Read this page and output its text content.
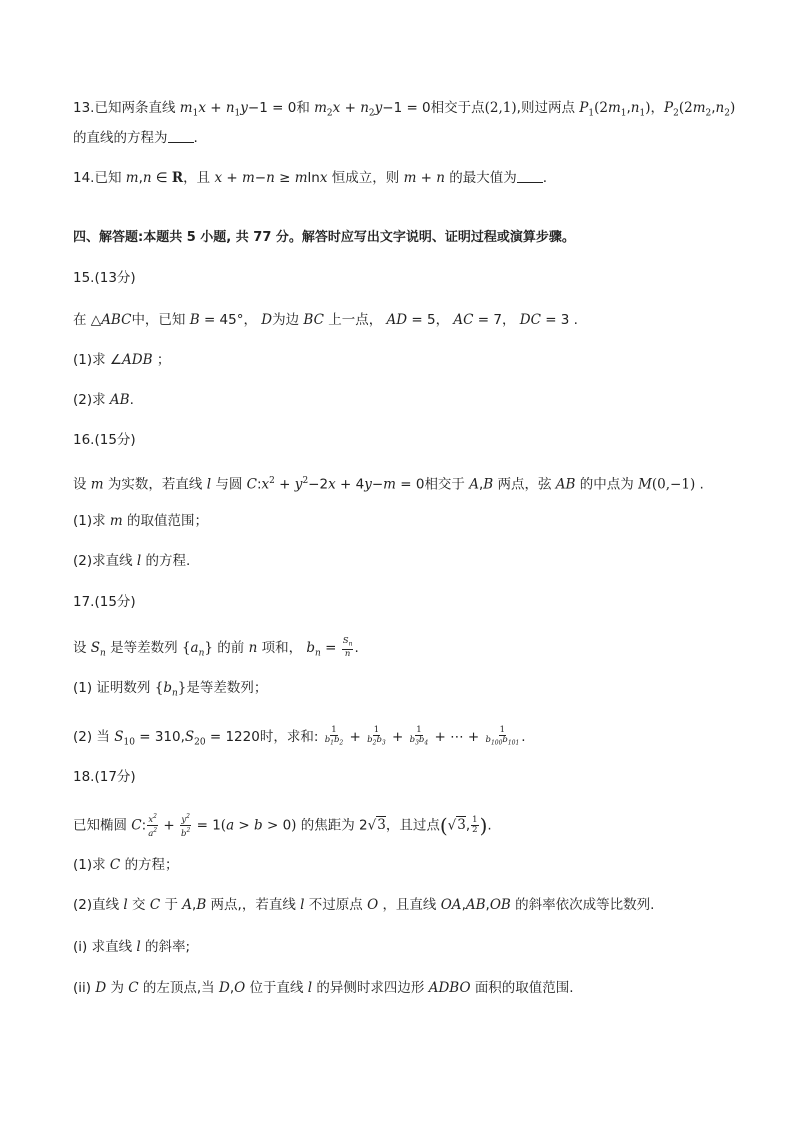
13.已知两条直线 $m_1x + n_1y-1 = 0$和 $m_2x + n_2y-1 = 0$相交于点(2,1),则过两点 $P_1(2m_1,n_1)$，$P_2(2m_2,n_2)$
的直线的方程为 .
14.已知 m,n ∈ R，且 x + m−n ≥ mlnx 恒成立，则 m + n 的最大值为 .
四、解答题:本题共 5 小题, 共 77 分。解答时应写出文字说明、证明过程或演算步骤。
15.(13分)
在 △ABC中，已知 B = 45°， D为边 BC 上一点， AD = 5， AC = 7， DC = 3 .
(1)求 ∠ADB ；
(2)求 AB.
16.(15分)
设 m 为实数，若直线 l 与圆 $C:x^2 + y^2-2x + 4y-m = 0$相交于 A,B 两点，弦 AB 的中点为 M(0,−1) .
(1)求 m 的取值范围；
(2)求直线 l 的方程.
17.(15分)
设 $S_n$ 是等差数列 $\{a_n\}$ 的前 n 项和， $b_n = \frac{S_n}{n}$ .
(1) 证明数列 $\{b_n\}$是等差数列；
(2) 当 $S_{10} = 310,S_{20} = 1220$时，求和: $\frac{1}{b_1b_2} + \frac{1}{b_2b_3} + \frac{1}{b_3b_4}$ + ⋯ + $\frac{1}{b_{100}b_{101}}$ .
18.(17分)
已知椭圆 C: $\frac{x^2}{a^2} + \frac{y^2}{b^2} = 1(a > b > 0)$ 的焦距为 2√3，且过点(√3, $\frac{1}{2}$ ).
(1)求 C 的方程；
(2)直线 l 交 C 于 A,B 两点,，若直线 l 不过原点 O ，且直线 OA,AB,OB 的斜率依次成等比数列.
(i) 求直线 l 的斜率;
(ii) D 为 C 的左顶点,当 D,O 位于直线 l 的异侧时求四边形 ADBO 面积的取值范围.
